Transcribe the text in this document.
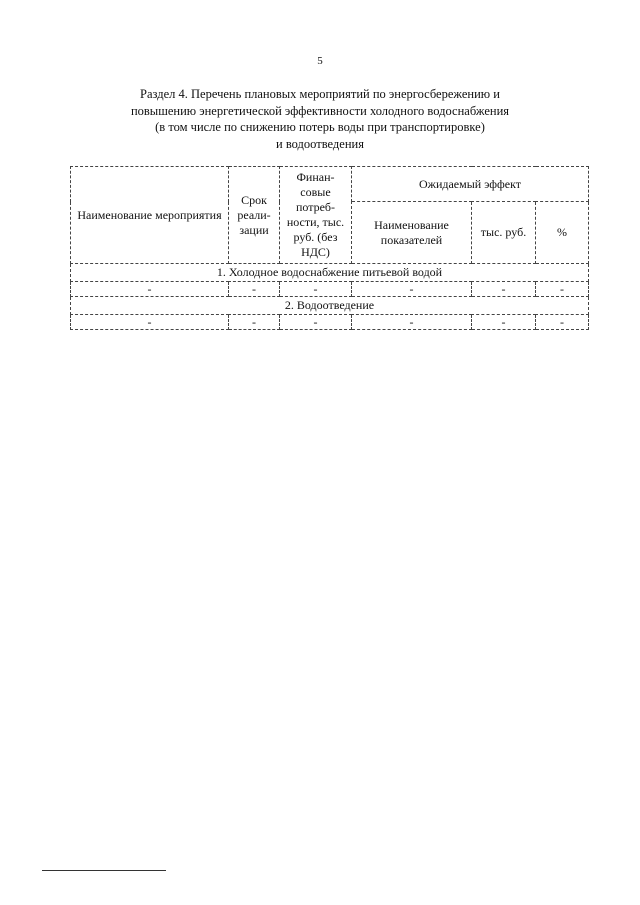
5
Раздел 4. Перечень плановых мероприятий по энергосбережению и
повышению энергетической эффективности холодного водоснабжения
(в том числе по снижению потерь воды при транспортировке)
и водоотведения
Наименование мероприятия	Срок реали-зации	Финан-совые потреб-ности, тыс. руб. (без НДС)	Ожидаемый эффект		
			Наименование показателей	тыс. руб.	%
1. Холодное водоснабжение питьевой водой					
-	-	-	-	-	-
2. Водоотведение					
-	-	-	-	-	-
